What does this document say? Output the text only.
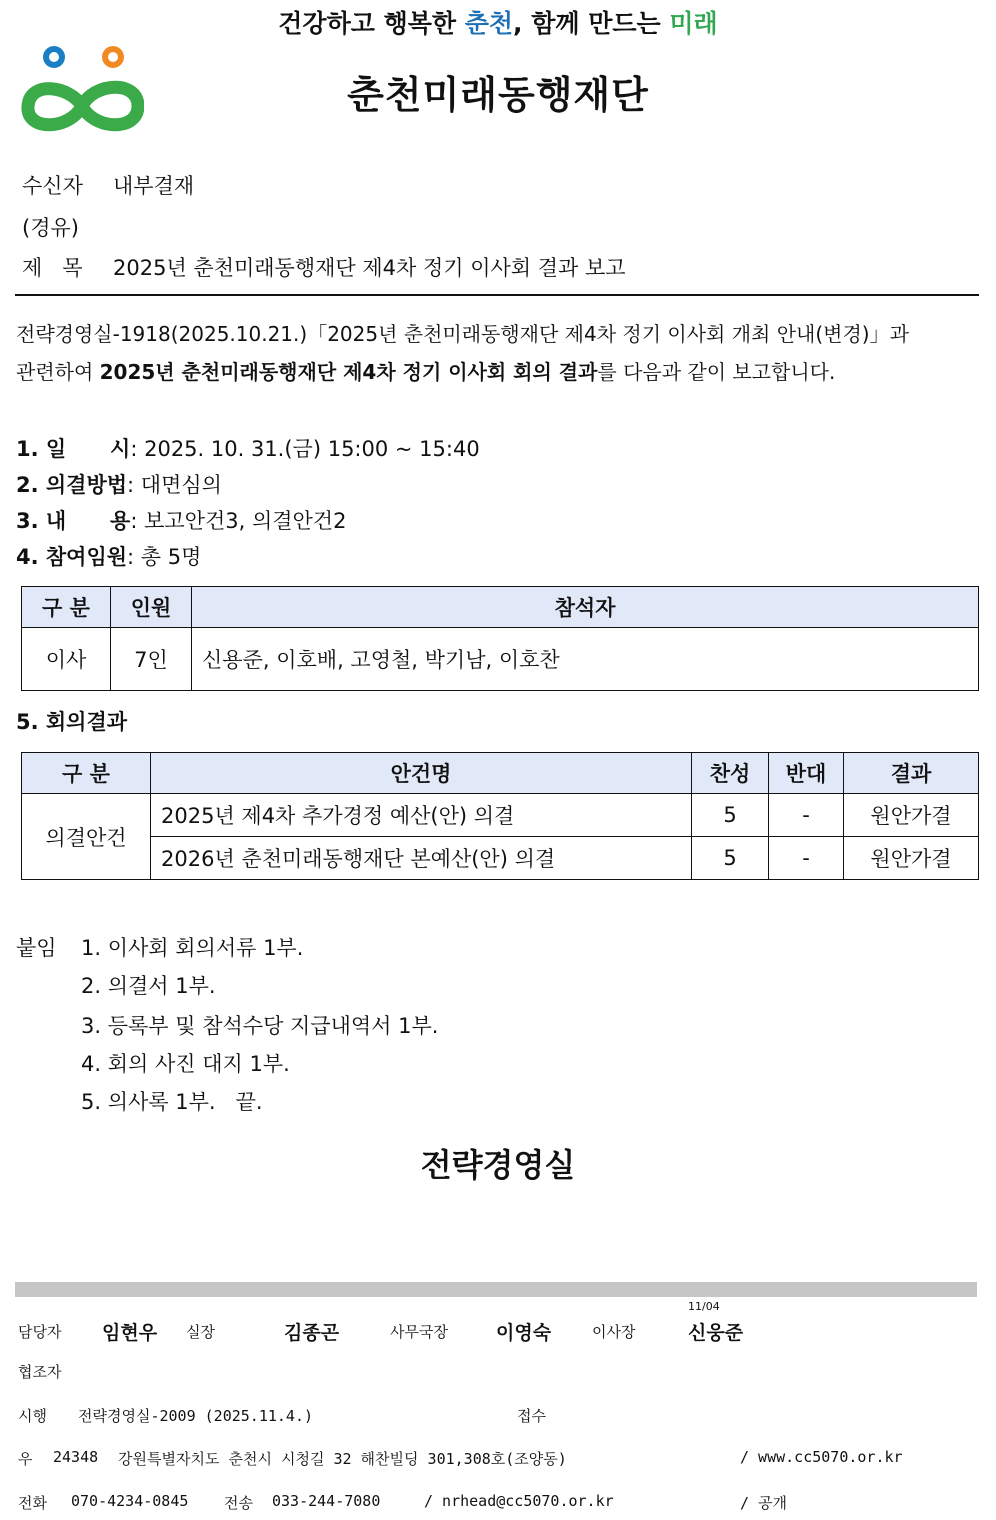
건강하고 행복한 춘천, 함께 만드는 미래
춘천미래동행재단
수신자 내부결재
(경유)
제   목 2025년 춘천미래동행재단 제4차 정기 이사회 결과 보고
전략경영실-1918(2025.10.21.)「2025년 춘천미래동행재단 제4차 정기 이사회 개최 안내(변경)」과
관련하여 2025년 춘천미래동행재단 제4차 정기 이사회 회의 결과를 다음과 같이 보고합니다.
1. 일      시: 2025. 10. 31.(금) 15:00 ~ 15:40
2. 의결방법: 대면심의
3. 내      용: 보고안건3, 의결안건2
4. 참여임원: 총 5명
구 분	인원	참석자
이사	7인	신용준, 이호배, 고영철, 박기남, 이호찬
5. 회의결과
구 분	안건명	찬성	반대	결과
의결안건	2025년 제4차 추가경정 예산(안) 의결	5	-	원안가결
	2026년 춘천미래동행재단 본예산(안) 의결	5	-	원안가결
붙임 1. 이사회 회의서류 1부.
2. 의결서 1부.
3. 등록부 및 참석수당 지급내역서 1부.
4. 회의 사진 대지 1부.
5. 의사록 1부.   끝.
전략경영실
11/04
담당자 임현우 실장	김종곤	사무국장	이영숙	이사장	신웅준
협조자
시행 전략경영실-2009 (2025.11.4.)	접수
우 24348 강원특별자치도 춘천시 시청길 32 해찬빌딩 301,308호(조양동)	/ www.cc5070.or.kr
전화 070-4234-0845 전송 033-244-7080	/ nrhead@cc5070.or.kr	/ 공개
